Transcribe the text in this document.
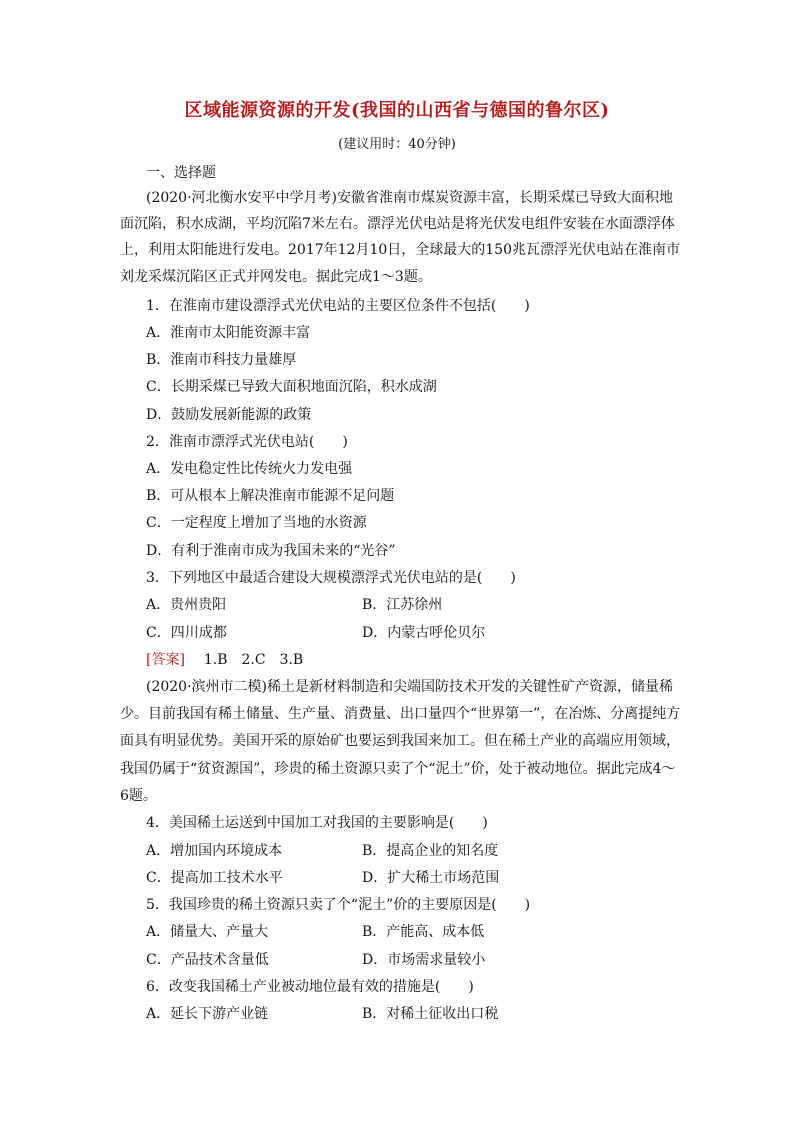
区域能源资源的开发(我国的山西省与德国的鲁尔区)
(建议用时：40分钟)
一、选择题
(2020·河北衡水安平中学月考)安徽省淮南市煤炭资源丰富，长期采煤已导致大面积地
面沉陷，积水成湖，平均沉陷7米左右。漂浮光伏电站是将光伏发电组件安装在水面漂浮体
上，利用太阳能进行发电。2017年12月10日，全球最大的150兆瓦漂浮光伏电站在淮南市
刘龙采煤沉陷区正式并网发电。据此完成1～3题。
1．在淮南市建设漂浮式光伏电站的主要区位条件不包括(　　)
A．淮南市太阳能资源丰富
B．淮南市科技力量雄厚
C．长期采煤已导致大面积地面沉陷，积水成湖
D．鼓励发展新能源的政策
2．淮南市漂浮式光伏电站(　　)
A．发电稳定性比传统火力发电强
B．可从根本上解决淮南市能源不足问题
C．一定程度上增加了当地的水资源
D．有利于淮南市成为我国未来的“光谷”
3．下列地区中最适合建设大规模漂浮式光伏电站的是(　　)
A．贵州贵阳	B．江苏徐州
C．四川成都	D．内蒙古呼伦贝尔
[答案] 1.B　2.C　3.B
(2020·滨州市二模)稀土是新材料制造和尖端国防技术开发的关键性矿产资源，储量稀
少。目前我国有稀土储量、生产量、消费量、出口量四个“世界第一”，在冶炼、分离提纯方
面具有明显优势。美国开采的原始矿也要运到我国来加工。但在稀土产业的高端应用领域，
我国仍属于“贫资源国”，珍贵的稀土资源只卖了个“泥土”价，处于被动地位。据此完成4～
6题。
4．美国稀土运送到中国加工对我国的主要影响是(　　)
A．增加国内环境成本	B．提高企业的知名度
C．提高加工技术水平	D．扩大稀土市场范围
5．我国珍贵的稀土资源只卖了个“泥土”价的主要原因是(　　)
A．储量大、产量大	B．产能高、成本低
C．产品技术含量低	D．市场需求量较小
6．改变我国稀土产业被动地位最有效的措施是(　　)
A．延长下游产业链	B．对稀土征收出口税
